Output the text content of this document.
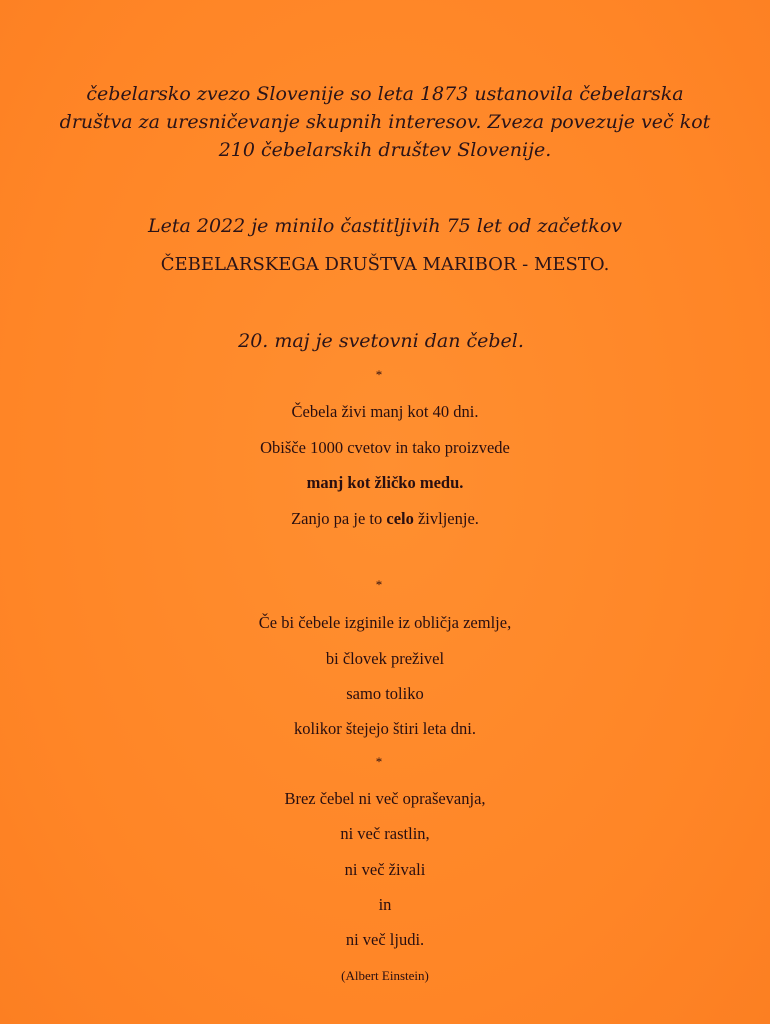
čebelarsko zvezo Slovenije so leta 1873 ustanovila čebelarska
društva za uresničevanje skupnih interesov. Zveza povezuje več kot
210 čebelarskih društev Slovenije.
Leta 2022 je minilo častitljivih 75 let od začetkov
ČEBELARSKEGA DRUŠTVA MARIBOR - MESTO.
20. maj je svetovni dan čebel.
*
Čebela živi manj kot 40 dni.
Obišče 1000 cvetov in tako proizvede
manj kot žličko medu.
Zanjo pa je to celo življenje.
*
Če bi čebele izginile iz obličja zemlje,
bi človek preživel
samo toliko
kolikor štejejo štiri leta dni.
*
Brez čebel ni več opraševanja,
ni več rastlin,
ni več živali
in
ni več ljudi.
(Albert Einstein)
